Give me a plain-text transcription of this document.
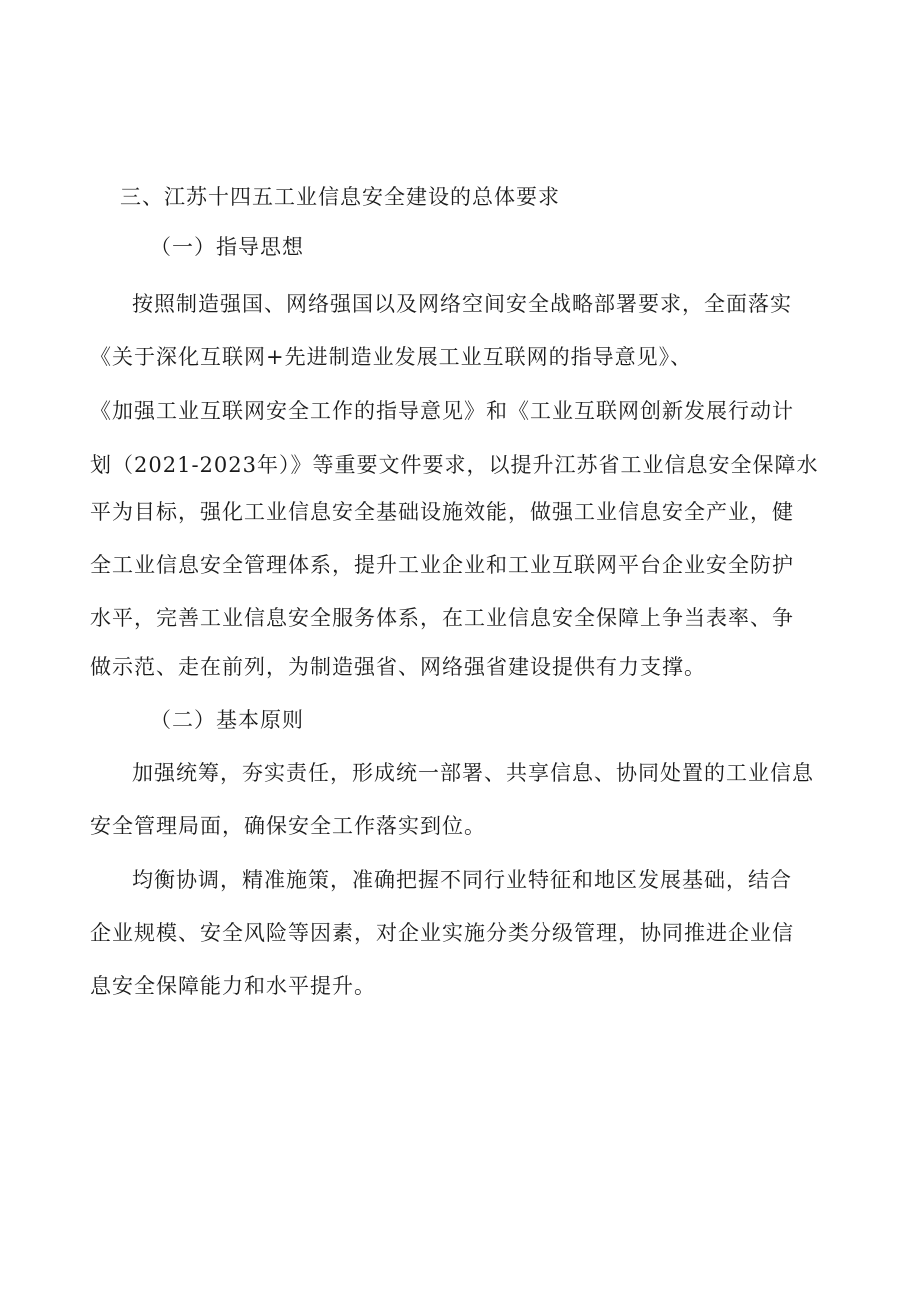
三、江苏十四五工业信息安全建设的总体要求
（一）指导思想
按照制造强国、网络强国以及网络空间安全战略部署要求，全面落实
《关于深化互联网+先进制造业发展工业互联网的指导意见》、
《加强工业互联网安全工作的指导意见》和《工业互联网创新发展行动计
划（2021-2023年）》等重要文件要求，以提升江苏省工业信息安全保障水
平为目标，强化工业信息安全基础设施效能，做强工业信息安全产业，健
全工业信息安全管理体系，提升工业企业和工业互联网平台企业安全防护
水平，完善工业信息安全服务体系，在工业信息安全保障上争当表率、争
做示范、走在前列，为制造强省、网络强省建设提供有力支撑。
（二）基本原则
加强统筹，夯实责任，形成统一部署、共享信息、协同处置的工业信息
安全管理局面，确保安全工作落实到位。
均衡协调，精准施策，准确把握不同行业特征和地区发展基础，结合
企业规模、安全风险等因素，对企业实施分类分级管理，协同推进企业信
息安全保障能力和水平提升。
